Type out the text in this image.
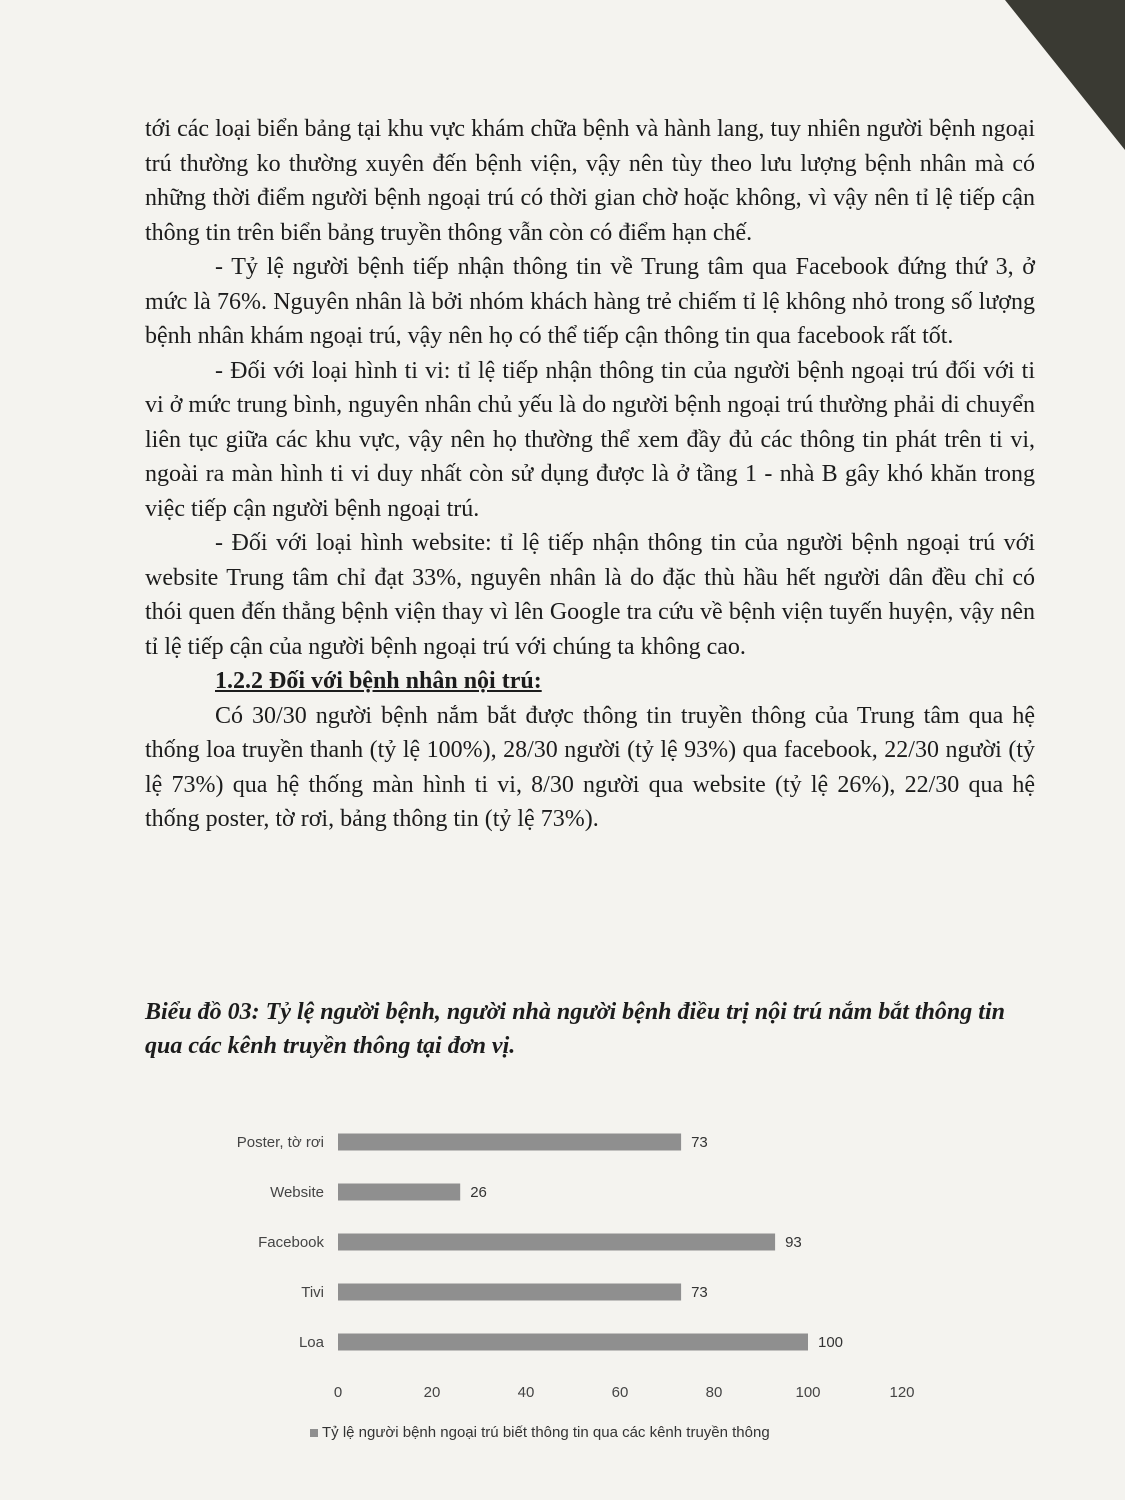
tới các loại biển bảng tại khu vực khám chữa bệnh và hành lang, tuy nhiên người bệnh ngoại trú thường ko thường xuyên đến bệnh viện, vậy nên tùy theo lưu lượng bệnh nhân mà có những thời điểm người bệnh ngoại trú có thời gian chờ hoặc không, vì vậy nên tỉ lệ tiếp cận thông tin trên biển bảng truyền thông vẫn còn có điểm hạn chế.

- Tỷ lệ người bệnh tiếp nhận thông tin về Trung tâm qua Facebook đứng thứ 3, ở mức là 76%. Nguyên nhân là bởi nhóm khách hàng trẻ chiếm tỉ lệ không nhỏ trong số lượng bệnh nhân khám ngoại trú, vậy nên họ có thể tiếp cận thông tin qua facebook rất tốt.

- Đối với loại hình ti vi: tỉ lệ tiếp nhận thông tin của người bệnh ngoại trú đối với ti vi ở mức trung bình, nguyên nhân chủ yếu là do người bệnh ngoại trú thường phải di chuyển liên tục giữa các khu vực, vậy nên họ thường thể xem đầy đủ các thông tin phát trên ti vi, ngoài ra màn hình ti vi duy nhất còn sử dụng được là ở tầng 1 - nhà B gây khó khăn trong việc tiếp cận người bệnh ngoại trú.

- Đối với loại hình website: tỉ lệ tiếp nhận thông tin của người bệnh ngoại trú với website Trung tâm chỉ đạt 33%, nguyên nhân là do đặc thù hầu hết người dân đều chỉ có thói quen đến thẳng bệnh viện thay vì lên Google tra cứu về bệnh viện tuyến huyện, vậy nên tỉ lệ tiếp cận của người bệnh ngoại trú với chúng ta không cao.

1.2.2 Đối với bệnh nhân nội trú:

Có 30/30 người bệnh nắm bắt được thông tin truyền thông của Trung tâm qua hệ thống loa truyền thanh (tỷ lệ 100%), 28/30 người (tỷ lệ 93%) qua facebook, 22/30 người (tỷ lệ 73%) qua hệ thống màn hình ti vi, 8/30 người qua website (tỷ lệ 26%), 22/30 qua hệ thống poster, tờ rơi, bảng thông tin (tỷ lệ 73%).

Biểu đồ 03: Tỷ lệ người bệnh, người nhà người bệnh điều trị nội trú nắm bắt thông tin qua các kênh truyền thông tại đơn vị.
Poster, tờ rơi	73
Website	26
Facebook	93
Tivi	73
Loa	100
0	20	40	60	80	100	120
Tỷ lệ người bệnh ngoại trú biết thông tin qua các kênh truyền thông
